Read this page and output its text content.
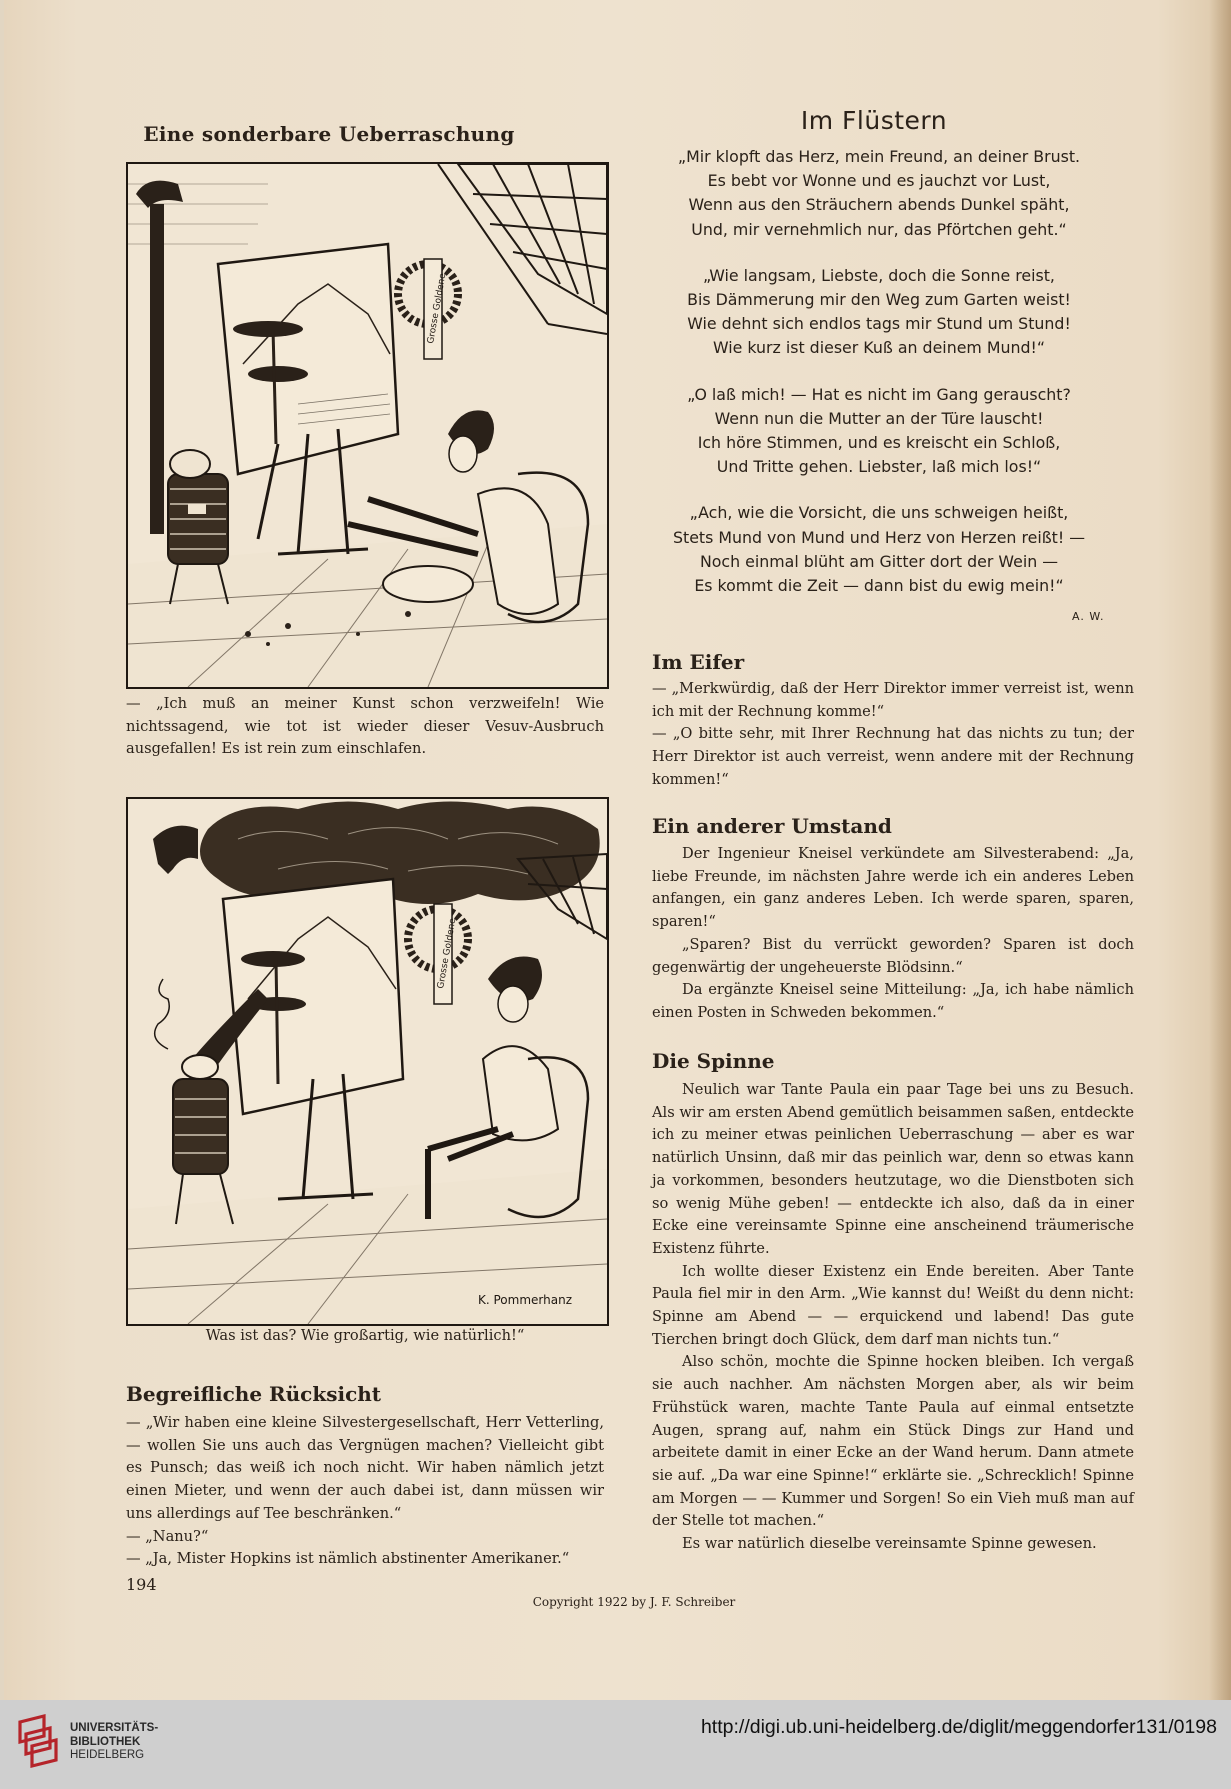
Eine sonderbare Ueberraschung
Grosse Goldene
— „Ich muß an meiner Kunst schon verzweifeln! Wie nichtssagend, wie tot ist wieder dieser Vesuv-Ausbruch ausgefallen! Es ist rein zum einschlafen.
Grosse Goldene
K. Pommerhanz
Was ist das? Wie großartig, wie natürlich!“
Begreifliche Rücksicht

— „Wir haben eine kleine Silvestergesellschaft, Herr Vetterling, — wollen Sie uns auch das Vergnügen machen? Vielleicht gibt es Punsch; das weiß ich noch nicht. Wir haben nämlich jetzt einen Mieter, und wenn der auch dabei ist, dann müssen wir uns allerdings auf Tee beschränken.“

— „Nanu?“

— „Ja, Mister Hopkins ist nämlich abstinenter Amerikaner.“

194
Copyright 1922 by J. F. Schreiber
Im Flüstern
„Mir klopft das Herz, mein Freund, an deiner Brust.
Es bebt vor Wonne und es jauchzt vor Lust,
Wenn aus den Sträuchern abends Dunkel späht,
Und, mir vernehmlich nur, das Pförtchen geht.“
„Wie langsam, Liebste, doch die Sonne reist,
Bis Dämmerung mir den Weg zum Garten weist!
Wie dehnt sich endlos tags mir Stund um Stund!
Wie kurz ist dieser Kuß an deinem Mund!“
„O laß mich! — Hat es nicht im Gang gerauscht?
Wenn nun die Mutter an der Türe lauscht!
Ich höre Stimmen, und es kreischt ein Schloß,
Und Tritte gehen. Liebster, laß mich los!“
„Ach, wie die Vorsicht, die uns schweigen heißt,
Stets Mund von Mund und Herz von Herzen reißt! —
Noch einmal blüht am Gitter dort der Wein —
Es kommt die Zeit — dann bist du ewig mein!“
A. W.
Im Eifer

— „Merkwürdig, daß der Herr Direktor immer verreist ist, wenn ich mit der Rechnung komme!“

— „O bitte sehr, mit Ihrer Rechnung hat das nichts zu tun; der Herr Direktor ist auch verreist, wenn andere mit der Rechnung kommen!“

Ein anderer Umstand

Der Ingenieur Kneisel verkündete am Silvesterabend: „Ja, liebe Freunde, im nächsten Jahre werde ich ein anderes Leben anfangen, ein ganz anderes Leben. Ich werde sparen, sparen, sparen!“

„Sparen? Bist du verrückt geworden? Sparen ist doch gegenwärtig der ungeheuerste Blödsinn.“

Da ergänzte Kneisel seine Mitteilung: „Ja, ich habe nämlich einen Posten in Schweden bekommen.“

Die Spinne

Neulich war Tante Paula ein paar Tage bei uns zu Besuch. Als wir am ersten Abend gemütlich beisammen saßen, entdeckte ich zu meiner etwas peinlichen Ueberraschung — aber es war natürlich Unsinn, daß mir das peinlich war, denn so etwas kann ja vorkommen, besonders heutzutage, wo die Dienstboten sich so wenig Mühe geben! — entdeckte ich also, daß da in einer Ecke eine vereinsamte Spinne eine anscheinend träumerische Existenz führte.

Ich wollte dieser Existenz ein Ende bereiten. Aber Tante Paula fiel mir in den Arm. „Wie kannst du! Weißt du denn nicht: Spinne am Abend — — erquickend und labend! Das gute Tierchen bringt doch Glück, dem darf man nichts tun.“

Also schön, mochte die Spinne hocken bleiben. Ich vergaß sie auch nachher. Am nächsten Morgen aber, als wir beim Frühstück waren, machte Tante Paula auf einmal entsetzte Augen, sprang auf, nahm ein Stück Dings zur Hand und arbeitete damit in einer Ecke an der Wand herum. Dann atmete sie auf. „Da war eine Spinne!“ erklärte sie. „Schrecklich! Spinne am Morgen — — Kummer und Sorgen! So ein Vieh muß man auf der Stelle tot machen.“

Es war natürlich dieselbe vereinsamte Spinne gewesen.

UNIVERSITÄTS-
BIBLIOTHEK
HEIDELBERG
http://digi.ub.uni-heidelberg.de/diglit/meggendorfer131/0198
